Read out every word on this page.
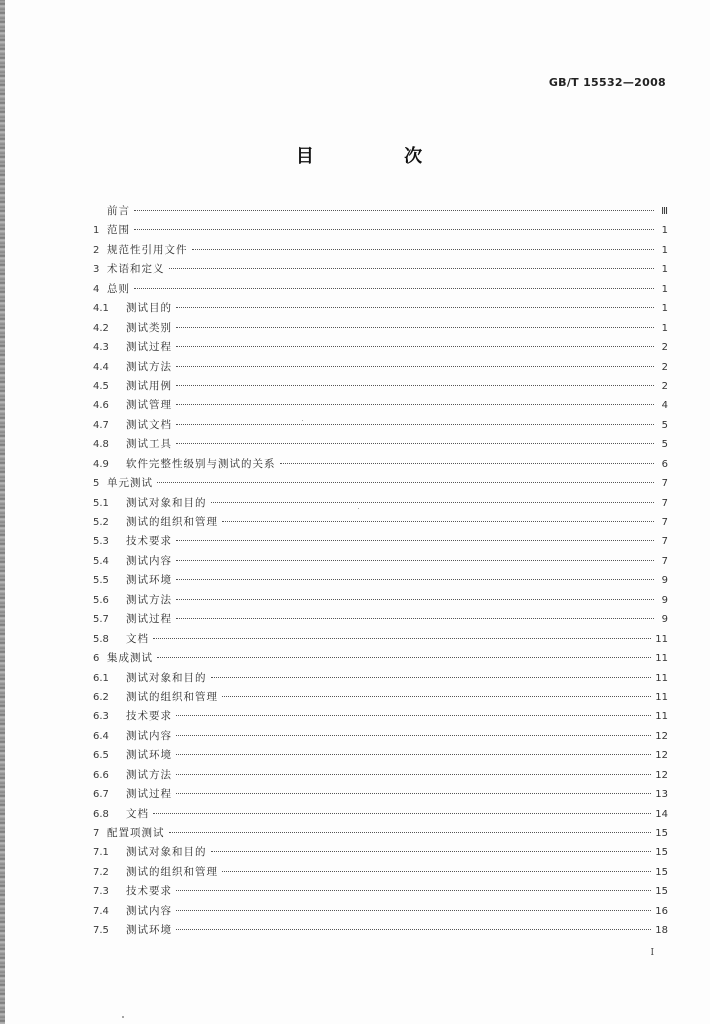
GB/T 15532—2008
目 次
前言	Ⅲ
1 范围	1
2 规范性引用文件	1
3 术语和定义	1
4 总则	1
4.1	测试目的	1
4.2	测试类别	1
4.3	测试过程	2
4.4	测试方法	2
4.5	测试用例	2
4.6	测试管理	4
4.7	测试文档	5
4.8	测试工具	5
4.9	软件完整性级别与测试的关系	6
5 单元测试	7
5.1	测试对象和目的	7
5.2	测试的组织和管理	7
5.3	技术要求	7
5.4	测试内容	7
5.5	测试环境	9
5.6	测试方法	9
5.7	测试过程	9
5.8	文档	11
6 集成测试	11
6.1	测试对象和目的	11
6.2	测试的组织和管理	11
6.3	技术要求	11
6.4	测试内容	12
6.5	测试环境	12
6.6	测试方法	12
6.7	测试过程	13
6.8	文档	14
7 配置项测试	15
7.1	测试对象和目的	15
7.2	测试的组织和管理	15
7.3	技术要求	15
7.4	测试内容	16
7.5	测试环境	18
Ⅰ
